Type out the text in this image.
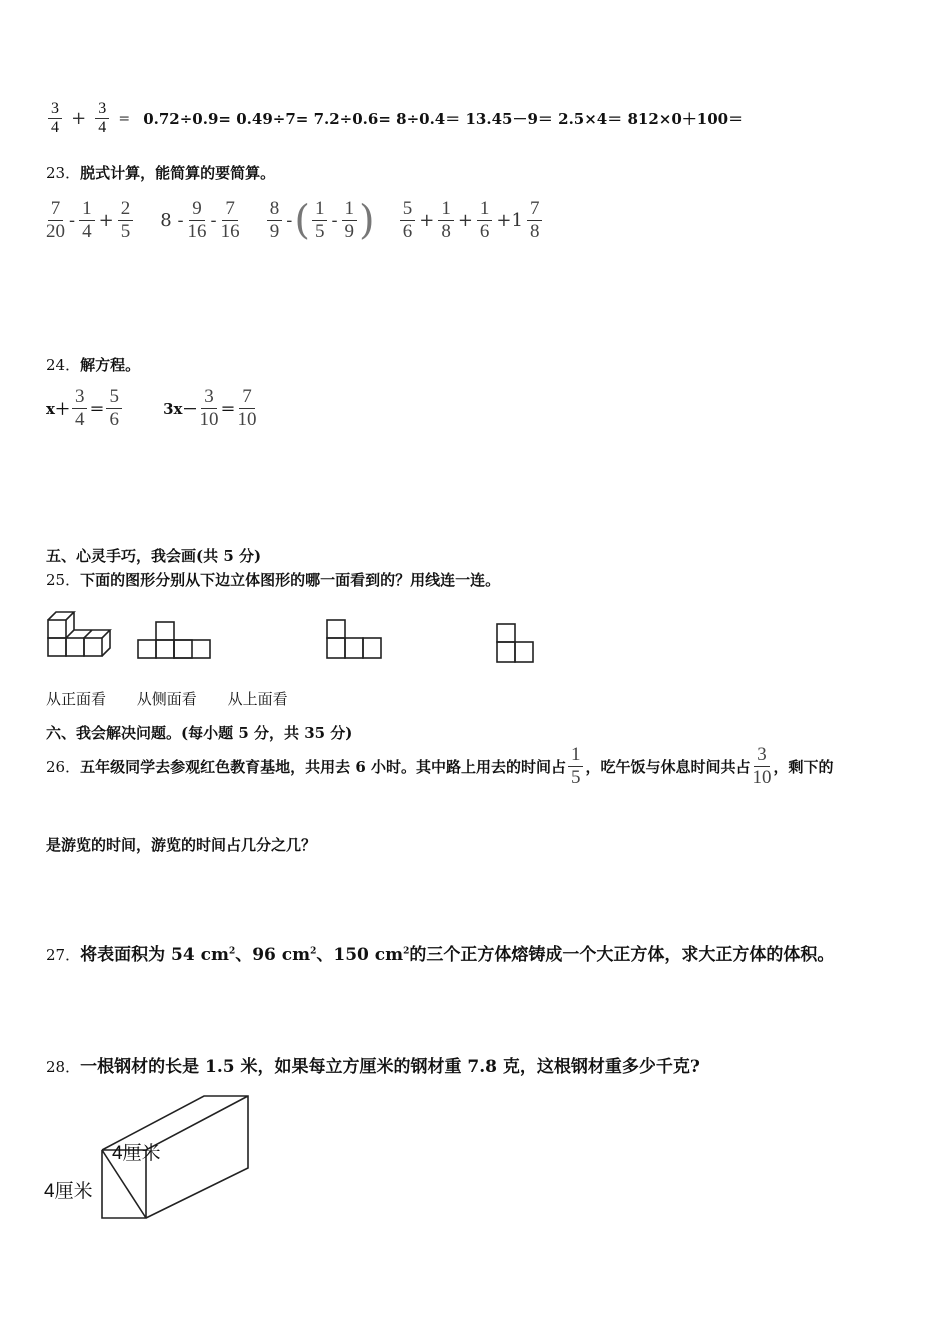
$\frac{3}{4} + \frac{3}{4} = 0.72\div 0.9= 0.49\div 7= 7.2\div 0.6= 8\div 0.4= 13.45-9= 2.5\times 4= 812\times 0+100=$
23．脱式计算，能简算的要简算。
$\frac{7}{20} - \frac{1}{4} + \frac{2}{5} 8 - \frac{9}{16} - \frac{7}{16}$
$\frac{8}{9}$ -( $\frac{1}{5} - \frac{1}{9}$ ) $\frac{5}{6} + \frac{1}{8} + \frac{1}{6} +1 \frac{7}{8}$
24．解方程。
$x+ \frac{3}{4} = \frac{5}{6}$	$3x- \frac{3}{10} = \frac{7}{10}$
五、心灵手巧，我会画(共 5 分)
25．下面的图形分别从下边立体图形的哪一面看到的？用线连一连。
从正面看 从侧面看 从上面看
六、我会解决问题。(每小题 5 分，共 35 分)
26．五年级同学去参观红色教育基地，共用去 6 小时。其中路上用去的时间占 $\frac{1}{5}$ ，吃午饭与休息时间共占 $\frac{3}{10}$ ，剩下的
是游览的时间，游览的时间占几分之几？
27．将表面积为 54 $cm^2$、96 $cm^2$、150 $cm^2$的三个正方体熔铸成一个大正方体，求大正方体的体积。
28．一根钢材的长是 1.5 米，如果每立方厘米的钢材重 7.8 克，这根钢材重多少千克?
4厘米
4厘米
